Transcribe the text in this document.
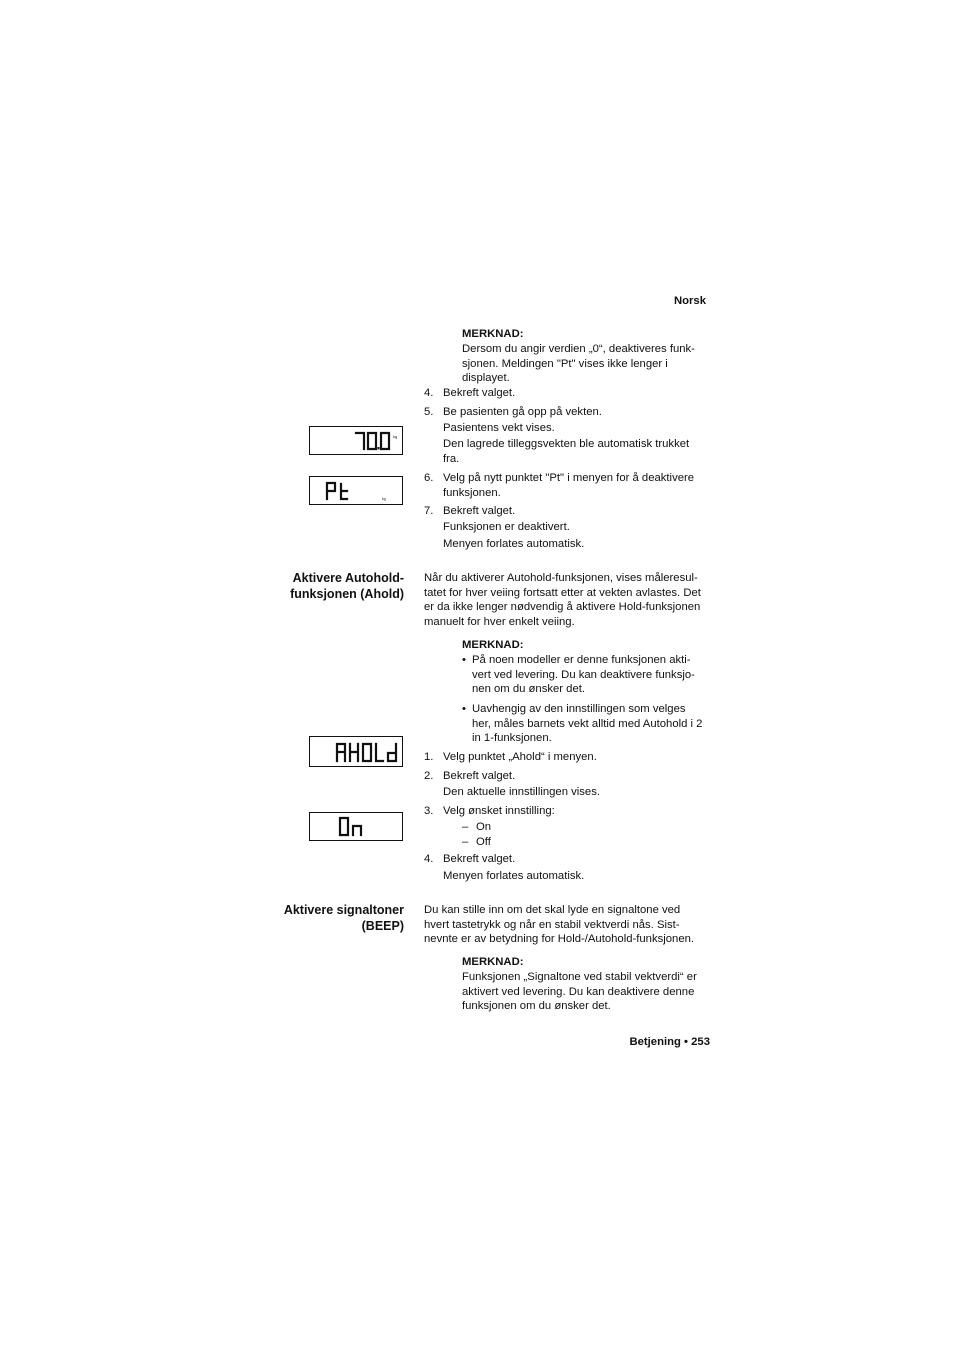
Norsk
MERKNAD:
Dersom du angir verdien „0“, deaktiveres funk-
sjonen. Meldingen "Pt" vises ikke lenger i
displayet.
4. Bekreft valget.
5. Be pasienten gå opp på vekten.
Pasientens vekt vises.
Den lagrede tilleggsvekten ble automatisk trukket
fra.
6. Velg på nytt punktet "Pt" i menyen for å deaktivere
funksjonen.
7. Bekreft valget.
Funksjonen er deaktivert.
Menyen forlates automatisk.
kg
kg
Aktivere Autohold-
funksjonen (Ahold)
Når du aktiverer Autohold-funksjonen, vises måleresul-
tatet for hver veiing fortsatt etter at vekten avlastes. Det
er da ikke lenger nødvendig å aktivere Hold-funksjonen
manuelt for hver enkelt veiing.
MERKNAD:
• På noen modeller er denne funksjonen akti-
vert ved levering. Du kan deaktivere funksjo-
nen om du ønsker det.
• Uavhengig av den innstillingen som velges
her, måles barnets vekt alltid med Autohold i 2
in 1-funksjonen.
1. Velg punktet „Ahold“ i menyen.
2. Bekreft valget.
Den aktuelle innstillingen vises.
3. Velg ønsket innstilling:
– On
– Off
4. Bekreft valget.
Menyen forlates automatisk.
Aktivere signaltoner
(BEEP)
Du kan stille inn om det skal lyde en signaltone ved
hvert tastetrykk og når en stabil vektverdi nås. Sist-
nevnte er av betydning for Hold-/Autohold-funksjonen.
MERKNAD:
Funksjonen „Signaltone ved stabil vektverdi“ er
aktivert ved levering. Du kan deaktivere denne
funksjonen om du ønsker det.
Betjening • 253
